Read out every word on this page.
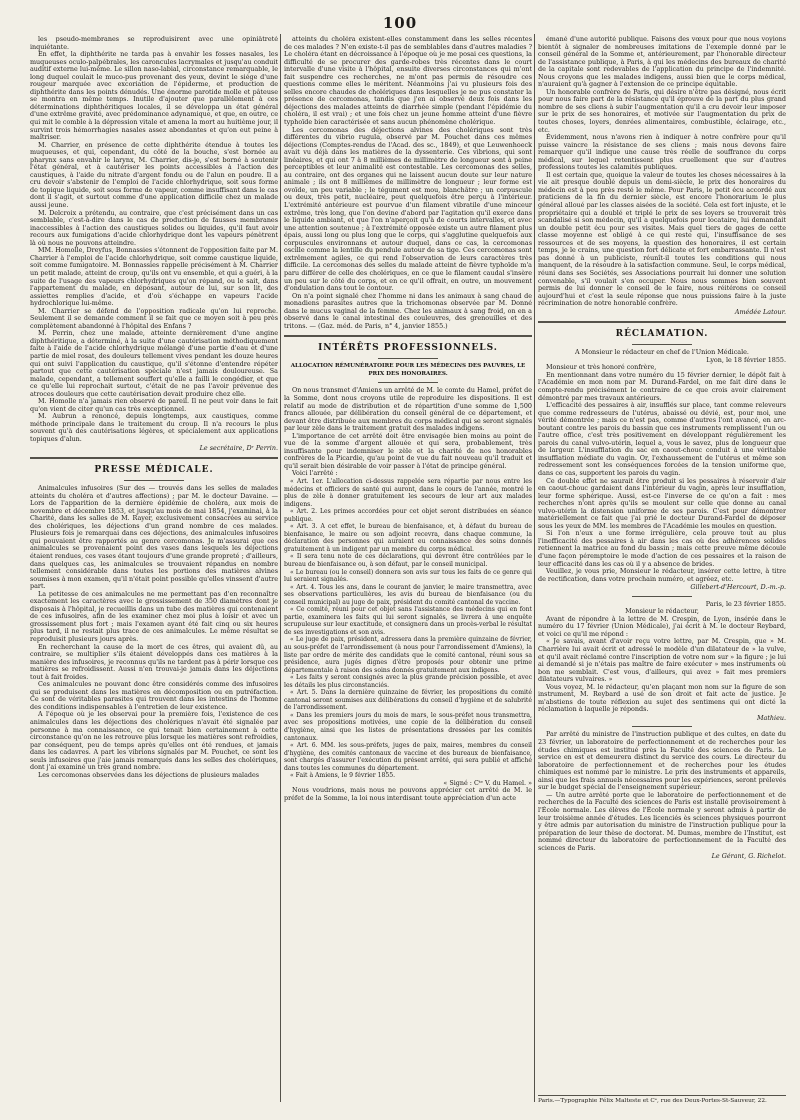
100

les pseudo-membranes se reproduisirent avec une opiniâtreté inquiétante.

En effet, la diphthérite ne tarda pas à envahir les fosses nasales, les muqueuses oculo-palpébrales, les caroncules lacrymales et jusqu'au conduit auditif externe lui-même. Le sillon naso-labial, circonstance remarquable, le long duquel coulait le muco-pus provenant des yeux, devint le siége d'une rougeur marquée avec excoriation de l'épiderme, et production de diphthérite dans les points dénudés. Une énorme parotide molle et pâteuse se montra en même temps. Inutile d'ajouter que parallèlement à ces déterminations diphthéritiques locales, il se développa un état général d'une extrême gravité, avec prédominance adynamique, et que, en outre, ce qui mit le comble à la dépression vitale et amena la mort au huitième jour, il survint trois hémorrhagies nasales assez abondantes et qu'on eut peine à maîtriser.

M. Charrier, en présence de cette diphthérite étendue à toutes les muqueuses, et qui, cependant, du côté de la bouche, s'est bornée au pharynx sans envahir le larynx, M. Charrier, dis-je, s'est borné à soutenir l'état général, et à cautériser les points accessibles à l'action des caustiques, à l'aide du nitrate d'argent fondu ou de l'alun en poudre. Il a cru devoir s'abstenir de l'emploi de l'acide chlorhydrique, soit sous forme de topique liquide, soit sous forme de vapeur, comme insuffisant dans le cas dont il s'agit, et surtout comme d'une application difficile chez un malade aussi jeune.

M. Delcroix a prétendu, au contraire, que c'est précisément dans un cas semblable, c'est-à-dire dans le cas de production de fausses membranes inaccessibles à l'action des caustiques solides ou liquides, qu'il faut avoir recours aux fumigations d'acide chlorhydrique dont les vapeurs pénètrent là où nous ne pouvons atteindre.

MM. Homolle, Dreyfus, Bonnassies s'étonnent de l'opposition faite par M. Charrier à l'emploi de l'acide chlorhydrique, soit comme caustique liquide, soit comme fumigatoire. M. Bonnassies rappelle précisément à M. Charrier un petit malade, atteint de croup, qu'ils ont vu ensemble, et qui a guéri, à la suite de l'usage des vapeurs chlorhydriques qu'on répand, ou le sait, dans l'appartement du malade, en déposant, autour de lui, sur son lit, des assiettes remplies d'acide, et d'où s'échappe en vapeurs l'acide hydrochlorique lui-même.

M. Charrier se défend de l'opposition radicale qu'on lui reproche. Seulement il se demande comment il se fait que ce moyen soit à peu près complètement abandonné à l'hôpital des Enfans ?

M. Perrin, chez une malade, atteinte dernièrement d'une angine diphthéritique, a déterminé, à la suite d'une cautérisation méthodiquement faite à l'aide de l'acide chlorhydrique mélangé d'une partie d'eau et d'une partie de miel rosat, des douleurs tellement vives pendant les douze heures qui ont suivi l'application du caustique, qu'il s'étonne d'entendre répéter partout que cette cautérisation spéciale n'est jamais douloureuse. Sa malade, cependant, a tellement souffert qu'elle a failli le congédier, et que ce qu'elle lui reprochait surtout, c'était de ne pas l'avoir prévenue des atroces douleurs que cette cautérisation devait produire chez elle.

M. Homolle n'a jamais rien observé de pareil. Il ne peut voir dans le fait qu'on vient de citer qu'un cas très exceptionnel.

M. Aubrun a renoncé, depuis longtemps, aux caustiques, comme méthode principale dans le traitement du croup. Il n'a recours le plus souvent qu'à des cautérisations légères, et spécialement aux applications topiques d'alun.

Le secrétaire, Dʳ Perrin.

PRESSE MÉDICALE.

Animalcules infusoires (Sur des — trouvés dans les selles de malades atteints du choléra et d'autres affections) ; par M. le docteur Davaine. — Lors de l'apparition de la dernière épidémie de choléra, aux mois de novembre et décembre 1853, et jusqu'au mois de mai 1854, j'examinai, à la Charité, dans les salles de M. Rayer, exclusivement consacrées au service des cholériques, les déjections d'un grand nombre de ces malades. Plusieurs fois je remarquai dans ces déjections, des animalcules infusoires qui pouvaient être rapportés au genre cercomonas. Je m'assurai que ces animalcules se provenaient point des vases dans lesquels les déjections étaient rendues, ces vases étant toujours d'une grande propreté ; d'ailleurs, dans quelques cas, les animalcules se trouvaient répandus en nombre tellement considérable dans toutes les portions des matières alvines soumises à mon examen, qu'il n'était point possible qu'elles vinssent d'autre part.

La petitesse de ces animalcules ne me permettant pas d'en reconnaître exactement les caractères avec le grossissement de 350 diamètres dont je disposais à l'hôpital, je recueillis dans un tube des matières qui contenaient de ces infusoires, afin de les examiner chez moi plus à loisir et avec un grossissement plus fort ; mais l'examen ayant été fait cinq ou six heures plus tard, il ne restait plus trace de ces animalcules. Le même résultat se reproduisit plusieurs jours après.

En recherchant la cause de la mort de ces êtres, qui avaient dû, au contraire, se multiplier s'ils étaient développés dans ces matières à la manière des infusoires, je reconnus qu'ils ne tardent pas à périr lorsque ces matières se refroidissent. Aussi n'en trouvai-je jamais dans les déjections tout à fait froides.

Ces animalcules ne pouvant donc être considérés comme des infusoires qui se produisent dans les matières en décomposition ou en putréfaction. Ce sont de véritables parasites qui trouvent dans les intestins de l'homme des conditions indispensables à l'entretien de leur existence.

A l'époque où je les observai pour la première fois, l'existence de ces animalcules dans les déjections des cholériques n'avait été signalée par personne à ma connaissance, ce qui tenait bien certainement à cette circonstance qu'on ne les retrouve plus lorsque les matières sont refroidies, par conséquent, peu de temps après qu'elles ont été rendues, et jamais dans les cadavres. A part les vibrions signalés par M. Pouchet, ce sont les seuls infusoires que j'aie jamais remarqués dans les selles des cholériques, dont j'ai examiné un très grand nombre.

Les cercomonas observées dans les déjections de plusieurs malades

atteints du choléra existent-elles constamment dans les selles récentes de ces malades ? N'en existe-t-il pas de semblables dans d'autres maladies ? Le choléra étant en décroissance à l'époque où je me posai ces questions, la difficulté de se procurer des garde-robes très récentes dans le court intervalle d'une visite à l'hôpital, ensuite diverses circonstances qui m'ont fait suspendre ces recherches, ne m'ont pas permis de résoudre ces questions comme elles le méritent. Néanmoins j'ai vu plusieurs fois des selles encore chaudes de cholériques dans lesquelles je ne pus constater la présence de cercomonas, tandis que j'en ai observé deux fois dans les déjections des malades atteints de diarrhée simple (pendant l'épidémie du choléra, il est vrai) ; et une fois chez un jeune homme atteint d'une fièvre typhoïde bien caractérisée et sans aucun phénomène cholérique.

Les cercomonas des déjections alvines des cholériques sont très différentes du vibrio rugula, observé par M. Pouchet dans ces mêmes déjections (Comptes-rendus de l'Acad. des sc., 1849), et que Leuwenhoeck avait vu déjà dans les matières de la dyssenterie. Ces vibrions, qui sont linéaires, et qui ont 7 à 8 millièmes de millimètre de longueur sont à peine perceptibles et leur animalité est contestable. Les cercomonas des selles, au contraire, ont des organes qui ne laissent aucun doute sur leur nature animale ; ils ont 8 millièmes de millimètre de longueur ; leur forme est ovoïde, un peu variable ; le tégument est mou, blanchâtre ; un corpuscule ou deux, très petit, nucléaire, peut quelquefois être perçu à l'intérieur. L'extrémité antérieure est pourvue d'un filament vibratile d'une minceur extrême, très long, que l'on devine d'abord par l'agitation qu'il exerce dans le liquide ambiant, et que l'on n'aperçoit qu'à de courts intervalles, et avec une attention soutenue ; à l'extrémité opposée existe un autre filament plus épais, aussi long ou plus long que le corps, qui s'agglutine quelquefois aux corpuscules environnans et autour duquel, dans ce cas, la cercomonas oscille comme la lentille du pendule autour de sa tige. Ces cercomonas sont extrêmement agiles, ce qui rend l'observation de leurs caractères très difficile. La cercomonas des selles du malade atteint de fièvre typhoïde m'a paru différer de celle des cholériques, en ce que le filament caudal s'insère un peu sur le côté du corps, et en ce qu'il offrait, en outre, un mouvement d'ondulation dans tout le contour.

On n'a point signalé chez l'homme ni dans les animaux à sang chaud de monadiens parasites autres que la trichomonas observée par M. Donné dans le mucus vaginal de la femme. Chez les animaux à sang froid, on en a observé dans le canal intestinal des couleuvres, des grenouilles et des tritons. — (Gaz. méd. de Paris, n° 4, janvier 1855.)

INTÉRÊTS PROFESSIONNELS.

ALLOCATION RÉMUNÉRATOIRE POUR LES MÉDECINS DES PAUVRES, LE PRIX DES HONORAIRES.

On nous transmet d'Amiens un arrêté de M. le comte du Hamel, préfet de la Somme, dont nous croyons utile de reproduire les dispositions. Il est relatif au mode de distribution et de répartition d'une somme de 1,500 francs allouée, par délibération du conseil général de ce département, et devant être distribuée aux membres du corps médical qui se seront signalés par leur zèle dans le traitement gratuit des malades indigens.

L'importance de cet arrêté doit être envisagée bien moins au point de vue de la somme d'argent allouée et qui sera, probablement, très insuffisante pour indemniser le zèle et la charité de nos honorables confrères de la Picardie, qu'au point de vue du fait nouveau qu'il traduit et qu'il serait bien désirable de voir passer à l'état de principe général.

Voici l'arrêté :

« Art. 1er. L'allocation ci-dessus rappelée sera répartie par nous entre les médecins et officiers de santé qui auront, dans le cours de l'année, montré le plus de zèle à donner gratuitement les secours de leur art aux malades indigens.

« Art. 2. Les primes accordées pour cet objet seront distribuées en séance publique.

« Art. 3. A cet effet, le bureau de bienfaisance, et, à défaut du bureau de bienfaisance, le maire ou son adjoint recevra, dans chaque commune, la déclaration des personnes qui auraient eu connaissance des soins donnés gratuitement à un indigent par un membre du corps médical.

« Il sera tenu note de ces déclarations, qui devront être contrôlées par le bureau de bienfaisance ou, à son défaut, par le conseil municipal.

« Le bureau (ou le conseil) donnera son avis sur tous les faits de ce genre qui lui seraient signalés.

« Art. 4. Tous les ans, dans le courant de janvier, le maire transmettra, avec ses observations particulières, les avis du bureau de bienfaisance (ou du conseil municipal) au juge de paix, président du comité cantonal de vaccine.

« Ce comité, réuni pour cet objet sans l'assistance des médecins qui en font partie, examinera les faits qui lui seront signalés, se livrera à une enquête scrupuleuse sur leur exactitude, et consignera dans un procès-verbal le résultat de ses investigations et son avis.

« Le juge de paix, président, adressera dans la première quinzaine de février, au sous-préfet de l'arrondissement (à nous pour l'arrondissement d'Amiens), la liste par ordre de mérite des candidats que le comité cantonal, réuni sous sa présidence, aura jugés dignes d'être proposés pour obtenir une prime départementale à raison des soins donnés gratuitement aux indigens.

« Les faits y seront consignés avec la plus grande précision possible, et avec les détails les plus circonstanciés.

« Art. 5. Dans la dernière quinzaine de février, les propositions du comité cantonal seront soumises aux délibérations du conseil d'hygiène et de salubrité de l'arrondissement.

« Dans les premiers jours du mois de mars, le sous-préfet nous transmettra, avec ses propositions motivées, une copie de la délibération du conseil d'hygiène, ainsi que les listes de présentations dressées par les comités cantonaux.

« Art. 6. MM. les sous-préfets, juges de paix, maires, membres du conseil d'hygiène, des comités cantonaux de vaccine et des bureaux de bienfaisance, sont chargés d'assurer l'exécution du présent arrêté, qui sera publié et affiché dans toutes les communes du département.

« Fait à Amiens, le 9 février 1855.

« Signé : Cᵗᵉ V. du Hamel. »

Nous voudrions, mais nous ne pouvons apprécier cet arrêté de M. le préfet de la Somme, la loi nous interdisant toute appréciation d'un acte

émané d'une autorité publique. Faisons des vœux pour que nous voyions bientôt à signaler de nombreuses imitations de l'exemple donné par le conseil général de la Somme et, antérieurement, par l'honorable directeur de l'assistance publique, à Paris, à qui les médecins des bureaux de charité de la capitale sont redevables de l'application du principe de l'indemnité. Nous croyons que les malades indigens, aussi bien que le corps médical, n'auraient qu'à gagner à l'extension de ce principe équitable.

Un honorable confrère de Paris, qui désire n'être pas désigné, nous écrit pour nous faire part de la résistance qu'il éprouve de la part du plus grand nombre de ses cliens à subir l'augmentation qu'il a cru devoir leur imposer sur le prix de ses honoraires, et motivée sur l'augmentation du prix de toutes choses, loyers, denrées alimentaires, combustible, éclairage, etc., etc.

Évidemment, nous n'avons rien à indiquer à notre confrère pour qu'il puisse vaincre la résistance de ses cliens ; mais nous devons faire remarquer qu'il indique une cause très réelle de souffrance du corps médical, sur lequel retentissent plus cruellement que sur d'autres professions toutes les calamités publiques.

Il est certain que, quoique la valeur de toutes les choses nécessaires à la vie ait presque doublé depuis un demi-siècle, le prix des honoraires du médecin est à peu près resté le même. Pour Paris, le petit écu accordé aux praticiens de la fin du dernier siècle, est encore l'honorarium le plus général alloué par les classes aisées de la société. Cela est fort injuste, et le propriétaire qui a doublé et triplé le prix de ses loyers se trouverait très scandalisé si son médecin, qu'il a quelquefois pour locataire, lui demandait un double petit écu pour ses visites. Mais quel tiers de gages de cette classe moyenne est obligé à ce qui reste qui, l'insuffisance de ses ressources et de ses moyens, la question des honoraires, il est certain temps, je le crains, une question fort délicate et fort embarrassante. Il n'est pas donné à un publiciste, réunît-il toutes les conditions qui nous manquent, de la résoudre à la satisfaction commune. Seul, le corps médical, réuni dans ses Sociétés, ses Associations pourrait lui donner une solution convenable, s'il voulait s'en occuper. Nous nous sommes bien souvent permis de lui donner le conseil de le faire, nous réitérons ce conseil aujourd'hui et c'est la seule réponse que nous puissions faire à la juste récrimination de notre honorable confrère.

Amédée Latour.

RÉCLAMATION.

A Monsieur le rédacteur en chef de l'Union Médicale.

Lyon, le 18 février 1855.

Monsieur et très honoré confrère,

En mentionnant dans votre numéro du 15 février dernier, le dépôt fait à l'Académie en mon nom par M. Durand-Fardel, on me fait dire dans le compte-rendu précisément le contraire de ce que crois avoir clairement démontré par mes travaux antérieurs.

L'efficacité des pessaires à air, insufflés sur place, tant comme releveurs que comme redresseurs de l'utérus, abaissé ou dévié, est, pour moi, une vérité démontrée ; mais ce n'est pas, comme d'autres l'ont avancé, en arc-boutant contre les parois du bassin que ces instruments remplissent l'un ou l'autre office, c'est très positivement en développant régulièrement les parois du canal vulvo-utérin, lequel a, vous le savez, plus de longueur que de largeur. L'insufflation du sac en caout-chouc conduit à une véritable insufflation médiate du vagin. Or, l'exhaussement de l'utérus et même son redressement sont les conséquences forcées de la tension uniforme que, dans ce cas, supportent les parois du vagin.

Ce double effet ne saurait être produit si les pessaires à réservoir d'air en caout-chouc gardaient dans l'intérieur du vagin, après leur insufflation, leur forme sphérique. Aussi, est-ce l'inverse de ce qu'on a fait : mes recherches n'ont après qu'ils se moulent sur celle que donne au canal vulvo-utérin la distension uniforme de ses parois. C'est pour démontrer matériellement ce fait que j'ai prié le docteur Durand-Fardel de déposer sous les yeux de MM. les membres de l'Académie les moules en question.

Si l'on n'eux a une forme irrégulière, cela prouve tout au plus l'inefficacité des pessaires à air dans les cas où des adhérences solides retiennent la matrice au fond du bassin ; mais cette preuve même découle d'une façon péremptoire le mode d'action de ces pessaires et la raison de leur efficacité dans les cas où il y a absence de brides.

Veuillez, je vous prie, Monsieur le rédacteur, insérer cette lettre, à titre de rectification, dans votre prochain numéro, et agréez, etc.

Gillebert-d'Hercourt, D.-m.-p.

Paris, le 23 février 1855.

Monsieur le rédacteur,

Avant de répondre à la lettre de M. Crespin, de Lyon, insérée dans le numéro du 17 février (Union Médicale), j'ai écrit à M. le docteur Reybard, et voici ce qu'il me répond :

« Je savais, avant d'avoir reçu votre lettre, par M. Crespin, que » M. Charrière lui avait écrit et adressé le modèle d'un dilatateur de » la vulve, et qu'il avait réclamé contre l'inscription de votre nom sur » la figure ; je lui ai demandé si je n'étais pas maître de faire exécuter » mes instruments où bon me semblait. C'est vous, d'ailleurs, qui avez » fait mes premiers dilatateurs vulvaires. »

Vous voyez, M. le rédacteur, qu'en plaçant mon nom sur la figure de son instrument, M. Reybard a usé de son droit et fait acte de justice. Je m'abstiens de toute réflexion au sujet des sentimens qui ont dicté la réclamation à laquelle je réponds.

Mathieu.

Par arrêté du ministre de l'instruction publique et des cultes, en date du 23 février, un laboratoire de perfectionnement et de recherches pour les études chimiques est institué près la Faculté des sciences de Paris. Le service en est et demeurera distinct du service des cours. Le directeur du laboratoire de perfectionnement et de recherches pour les études chimiques est nommé par le ministre. Le prix des instruments et appareils, ainsi que les frais annuels nécessaires pour les expériences, seront prélevés sur le budget spécial de l'enseignement supérieur.

— Un autre arrêté porte que le laboratoire de perfectionnement et de recherches de la Faculté des sciences de Paris est installé provisoirement à l'École normale. Les élèves de l'École normale y seront admis à partir de leur troisième année d'études. Les licenciés ès sciences physiques pourront y être admis par autorisation du ministre de l'instruction publique pour la préparation de leur thèse de doctorat. M. Dumas, membre de l'Institut, est nommé directeur du laboratoire de perfectionnement de la Faculté des sciences de Paris.

Le Gérant, G. Richelot.

Paris.—Typographie Félix Malteste et Cᵉ, rue des Deux-Portes-St-Sauveur, 22.
